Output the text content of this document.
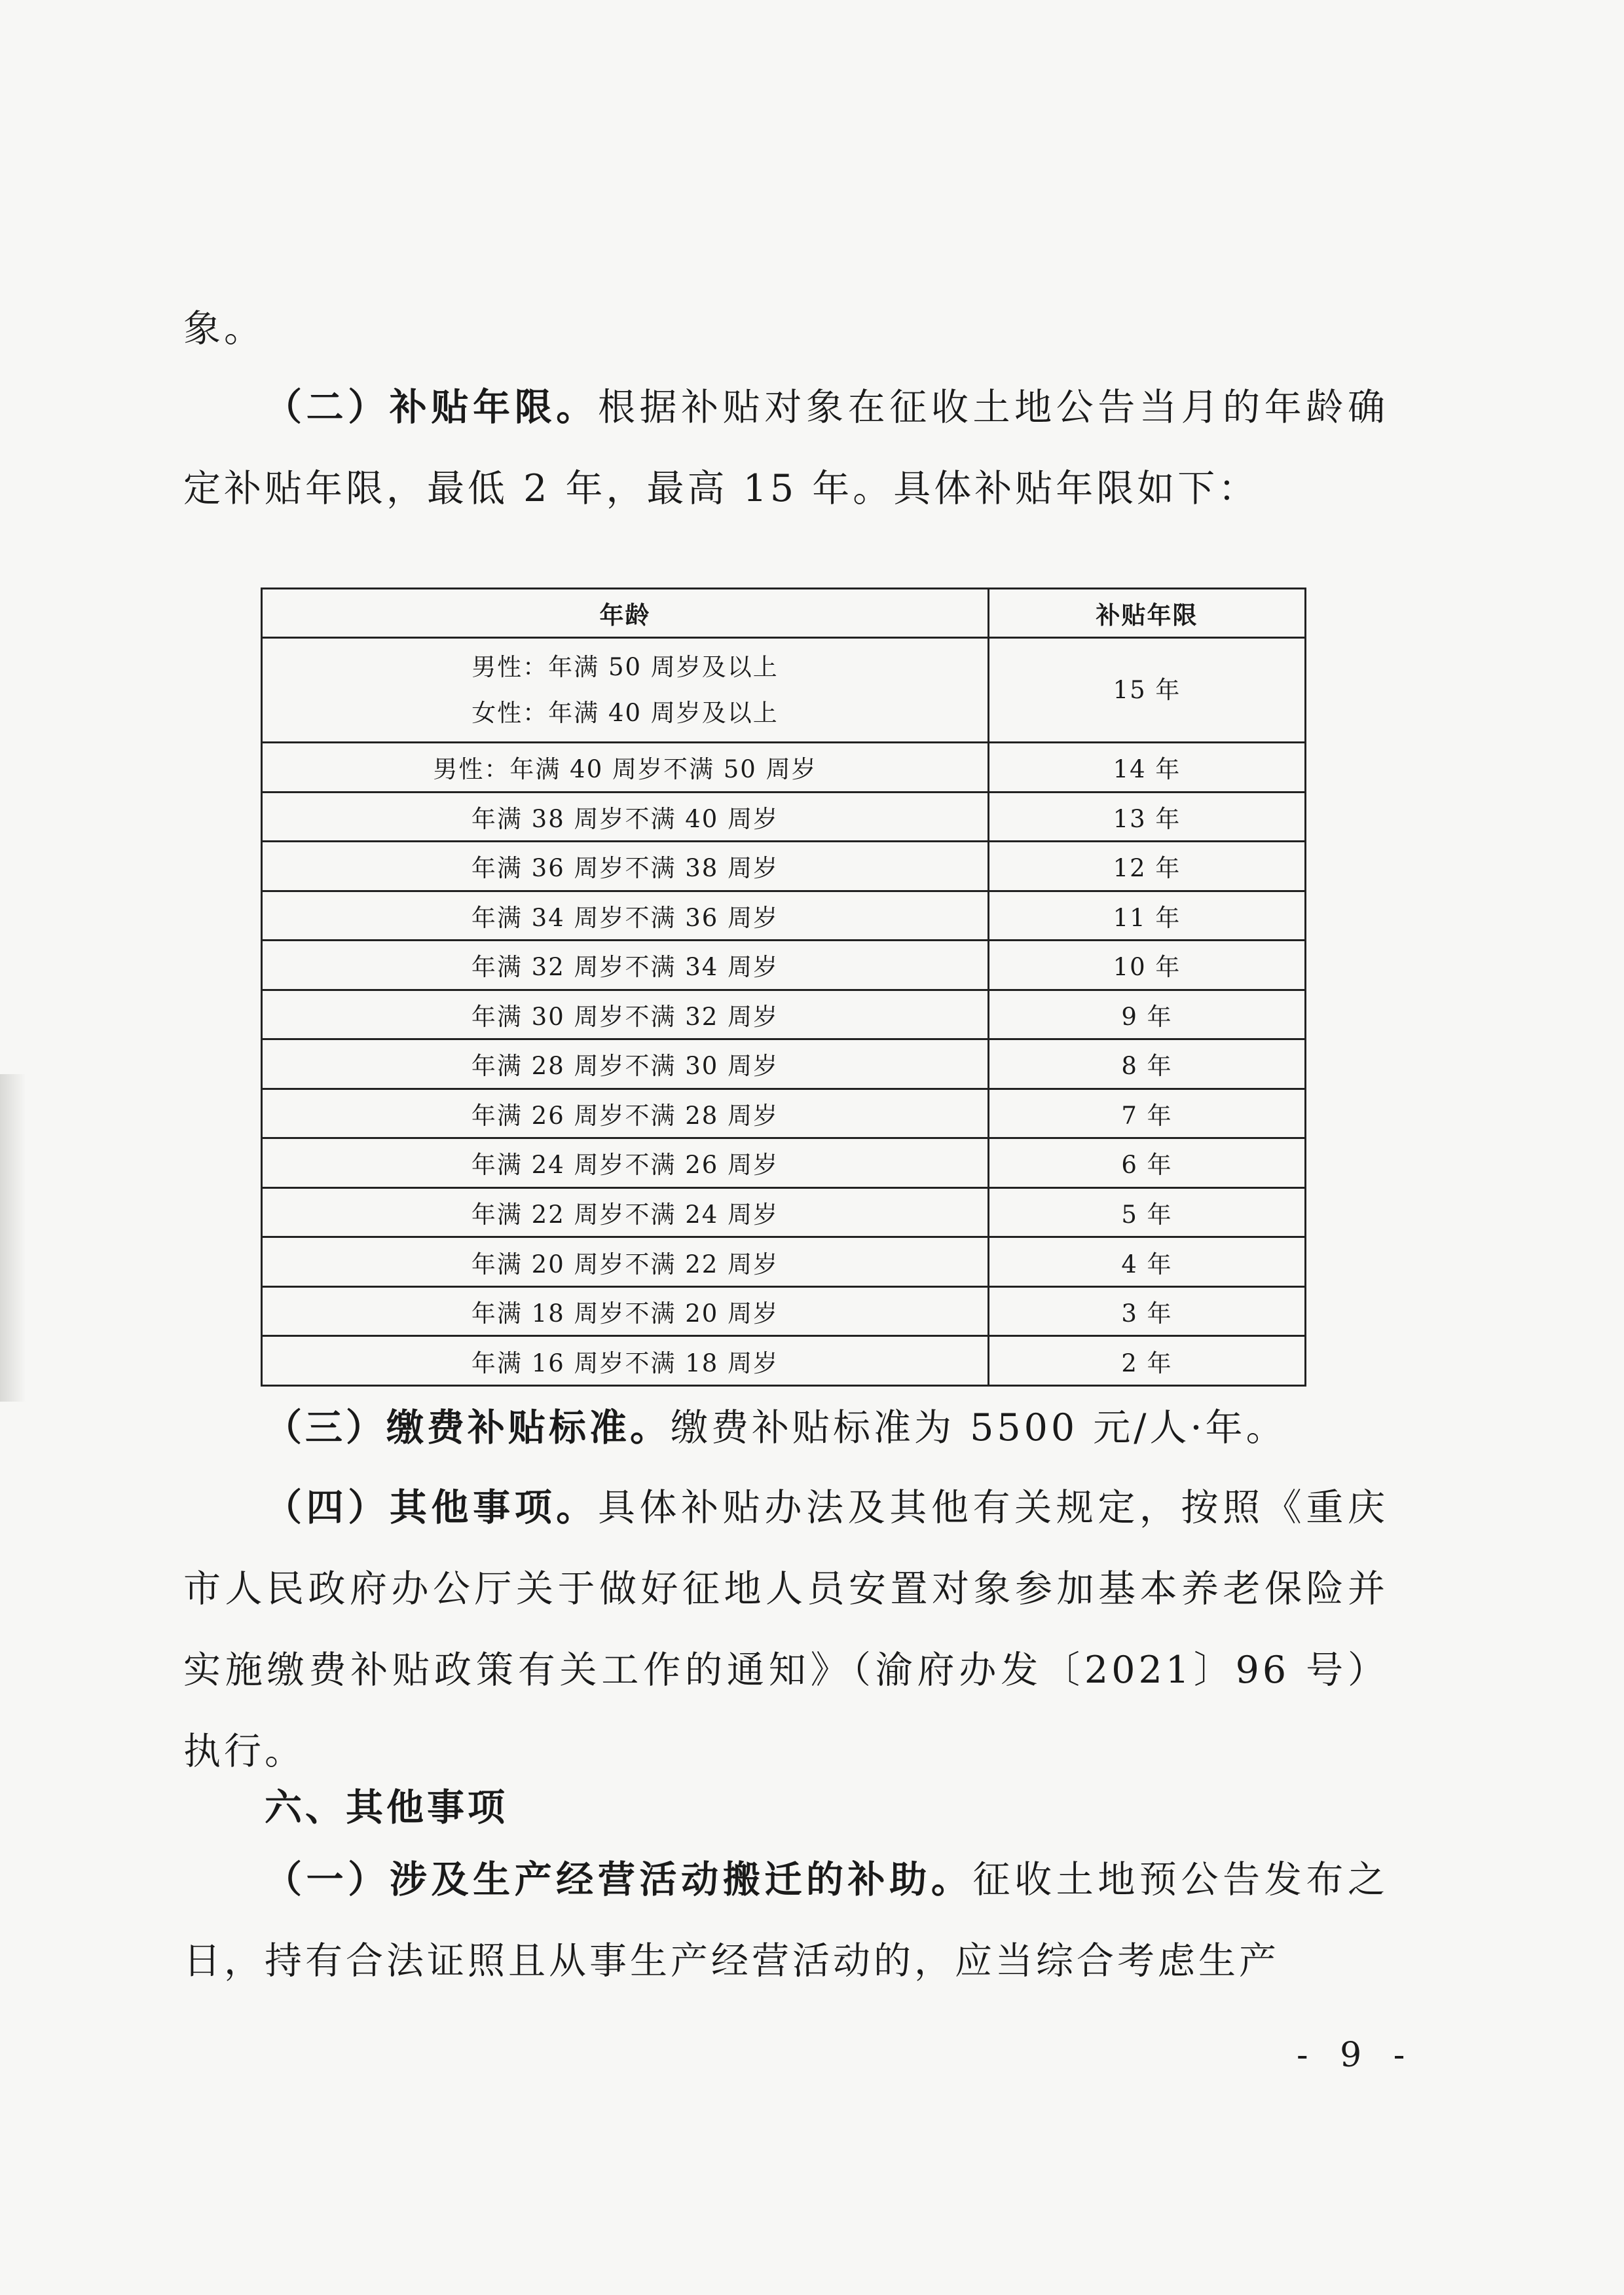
象。

（二）补贴年限。根据补贴对象在征收土地公告当月的年龄确定补贴年限，最低 2 年，最高 15 年。具体补贴年限如下：

年龄	补贴年限

男性：年满 50 周岁及以上
女性：年满 40 周岁及以上	15 年
男性：年满 40 周岁不满 50 周岁	14 年
年满 38 周岁不满 40 周岁	13 年
年满 36 周岁不满 38 周岁	12 年
年满 34 周岁不满 36 周岁	11 年
年满 32 周岁不满 34 周岁	10 年
年满 30 周岁不满 32 周岁	9 年
年满 28 周岁不满 30 周岁	8 年
年满 26 周岁不满 28 周岁	7 年
年满 24 周岁不满 26 周岁	6 年
年满 22 周岁不满 24 周岁	5 年
年满 20 周岁不满 22 周岁	4 年
年满 18 周岁不满 20 周岁	3 年
年满 16 周岁不满 18 周岁	2 年

（三）缴费补贴标准。缴费补贴标准为 5500 元/人·年。

（四）其他事项。具体补贴办法及其他有关规定，按照《重庆市人民政府办公厅关于做好征地人员安置对象参加基本养老保险并实施缴费补贴政策有关工作的通知》（渝府办发〔2021〕96 号）执行。

六、其他事项

（一）涉及生产经营活动搬迁的补助。征收土地预公告发布之日，持有合法证照且从事生产经营活动的，应当综合考虑生产

- 9 -
